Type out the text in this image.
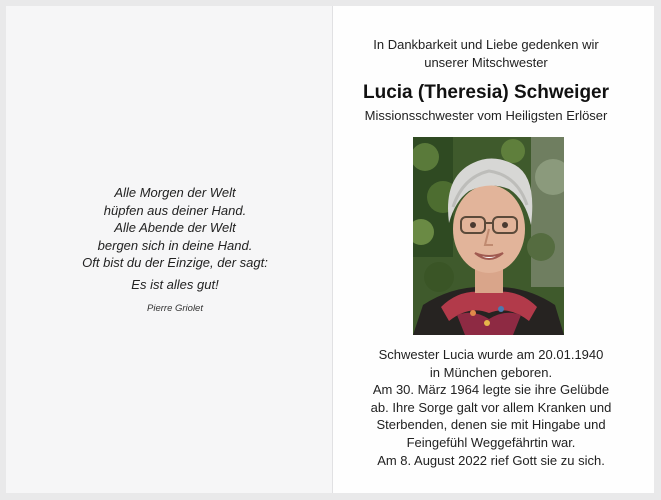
Alle Morgen der Welt
hüpfen aus deiner Hand.
Alle Abende der Welt
bergen sich in deine Hand.
Oft bist du der Einzige, der sagt:
Es ist alles gut!
Pierre Griolet
In Dankbarkeit und Liebe gedenken wir
unserer Mitschwester
Lucia (Theresia) Schweiger
Missionsschwester vom Heiligsten Erlöser
Schwester Lucia wurde am 20.01.1940
in München geboren.
Am 30. März 1964 legte sie ihre Gelübde
ab. Ihre Sorge galt vor allem Kranken und
Sterbenden, denen sie mit Hingabe und
Feingefühl Weggefährtin war.
Am 8. August 2022 rief Gott sie zu sich.
